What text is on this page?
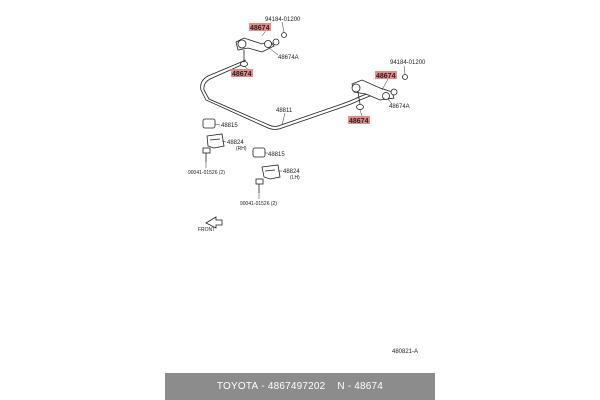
48674
48674	48674
48674
94184-01200
94184-01200
48674A
48674A
48811
48815
48815
48824
(RH)
48824
(LH)
90041-01526 (2)
90041-01526 (2)
FRONT
480821-A
TOYOTA - 4867497202 N - 48674
